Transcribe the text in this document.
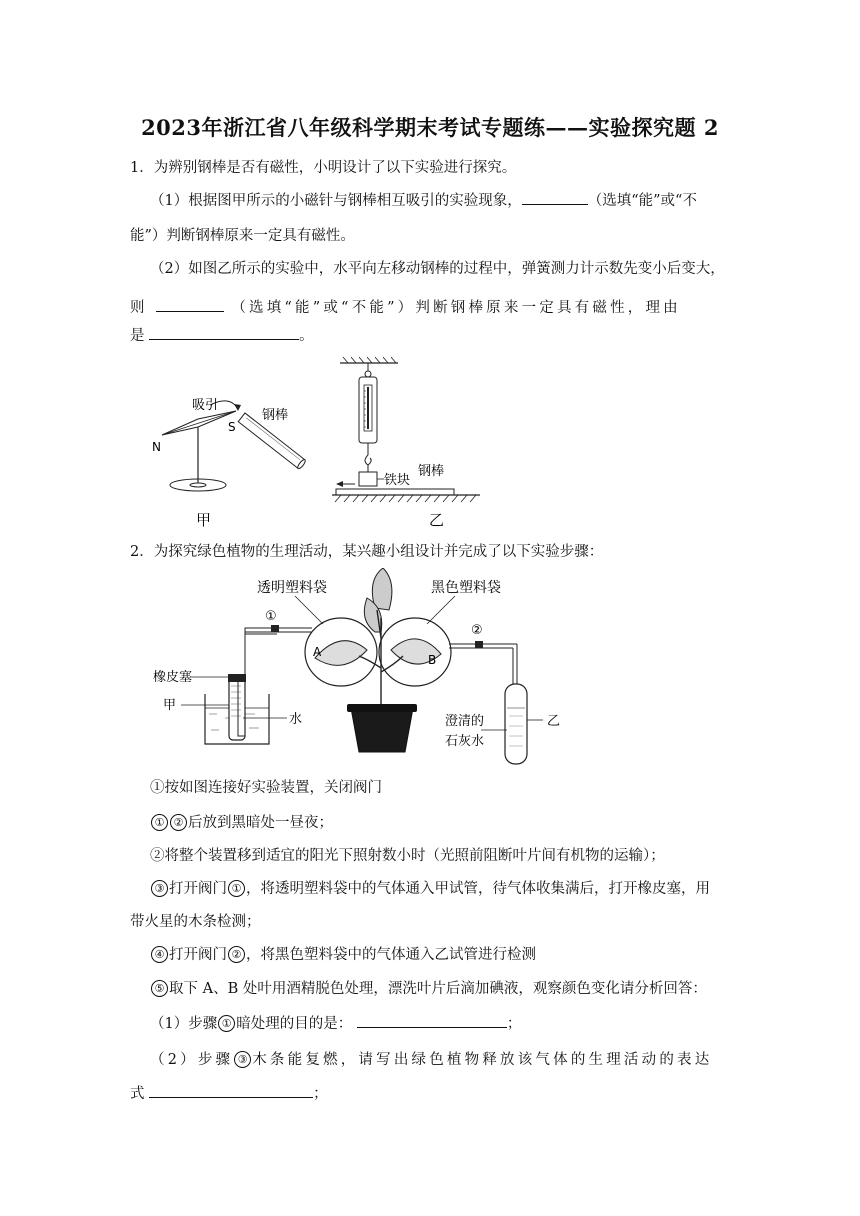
2023年浙江省八年级科学期末考试专题练——实验探究题 2
1．为辨别钢棒是否有磁性，小明设计了以下实验进行探究。
（1）根据图甲所示的小磁针与钢棒相互吸引的实验现象，	（选填“能”或“不
能”）判断钢棒原来一定具有磁性。
（2）如图乙所示的实验中，水平向左移动钢棒的过程中，弹簧测力计示数先变小后变大，
则	（选填“能”或“不能”）判断钢棒原来一定具有磁性，理由
是	。
吸引
钢棒
N
S
甲
铁块
钢棒
乙
2．为探究绿色植物的生理活动，某兴趣小组设计并完成了以下实验步骤：
橡皮塞
甲
水
①
A
B
透明塑料袋	黑色塑料袋
②
乙
澄清的
石灰水
①按如图连接好实验装置，关闭阀门
① ② 后放到黑暗处一昼夜；
②将整个装置移到适宜的阳光下照射数小时（光照前阻断叶片间有机物的运输）；
③ 打开阀门 ① ，将透明塑料袋中的气体通入甲试管，待气体收集满后，打开橡皮塞，用
带火星的木条检测；
④ 打开阀门 ② ，将黑色塑料袋中的气体通入乙试管进行检测
⑤ 取下 A、B 处叶用酒精脱色处理，漂洗叶片后滴加碘液，观察颜色变化请分析回答：
（1）步骤 ① 暗处理的目的是：	；
（2）步骤 ③ 木条能复燃，请写出绿色植物释放该气体的生理活动的表达
式	；
